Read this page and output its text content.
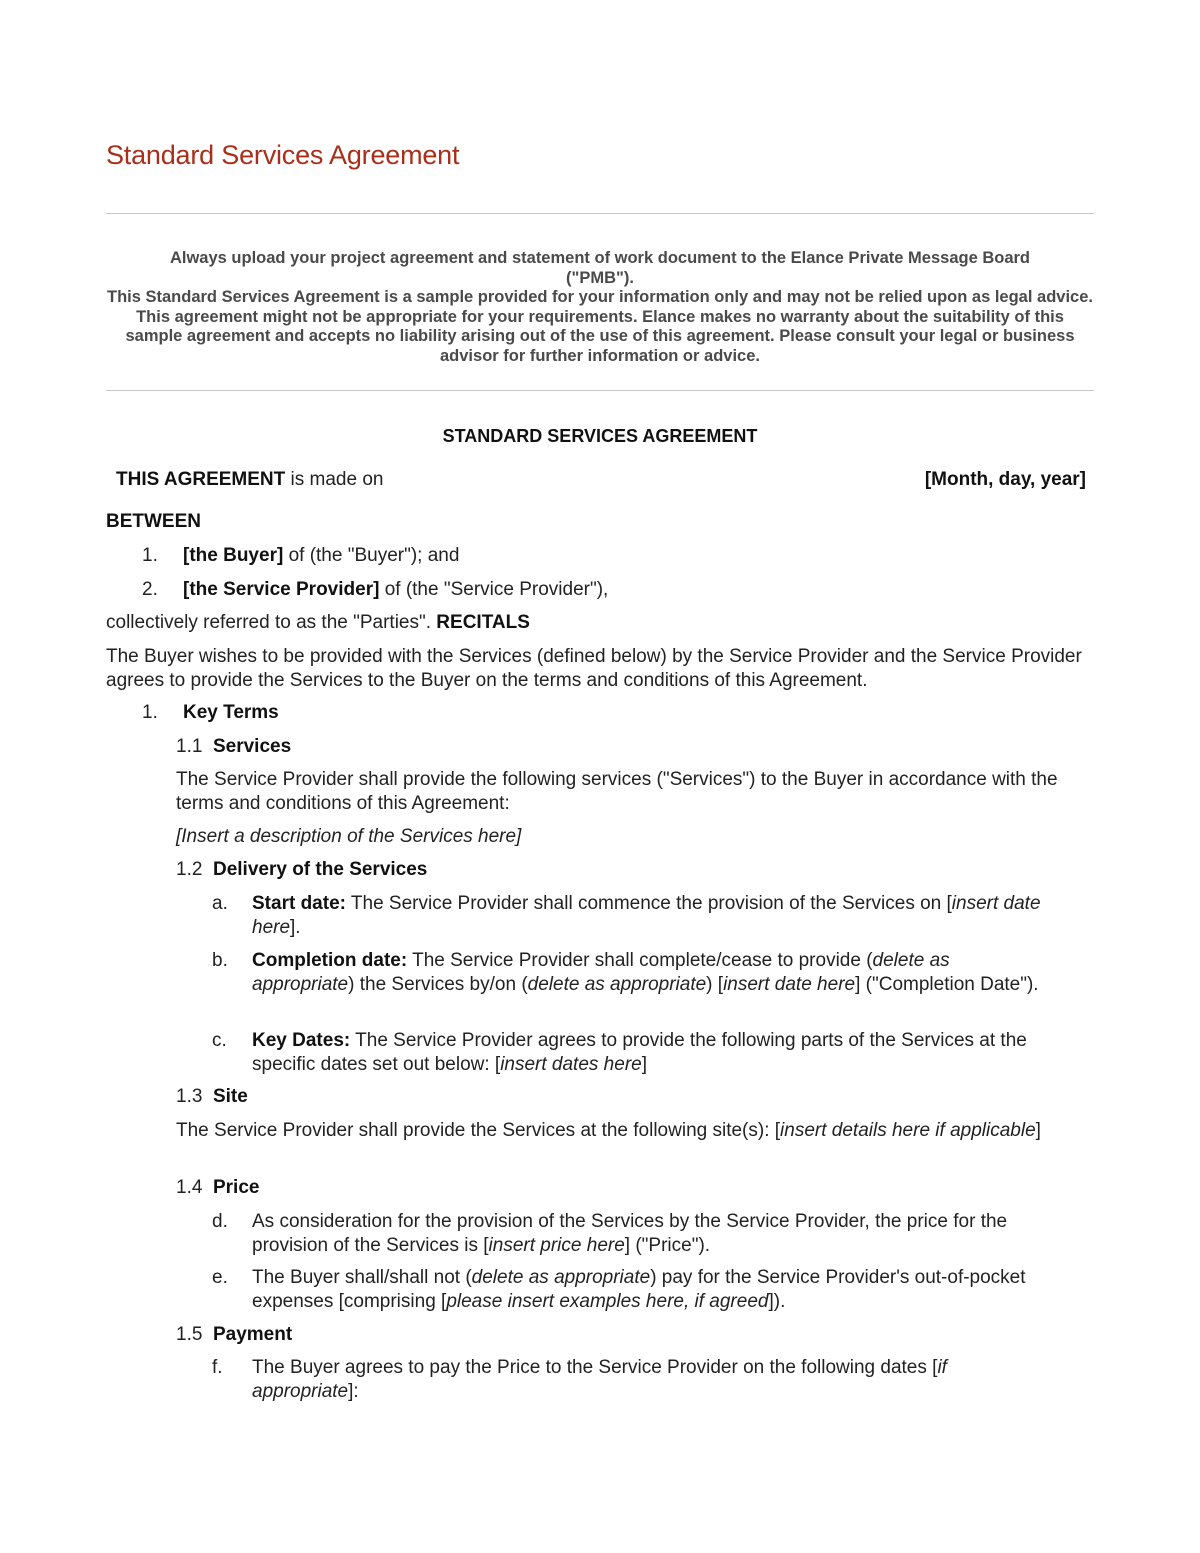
Standard Services Agreement

Always upload your project agreement and statement of work document to the Elance Private Message Board ("PMB").

This Standard Services Agreement is a sample provided for your information only and may not be relied upon as legal advice. This agreement might not be appropriate for your requirements. Elance makes no warranty about the suitability of this sample agreement and accepts no liability arising out of the use of this agreement. Please consult your legal or business advisor for further information or advice.

STANDARD SERVICES AGREEMENT
THIS AGREEMENT is made on	[Month, day, year]
BETWEEN
1. [the Buyer] of (the "Buyer"); and
2. [the Service Provider] of (the "Service Provider"),
collectively referred to as the "Parties". RECITALS
The Buyer wishes to be provided with the Services (defined below) by the Service Provider and the Service Provider agrees to provide the Services to the Buyer on the terms and conditions of this Agreement.
1. Key Terms
1.1 Services
The Service Provider shall provide the following services ("Services") to the Buyer in accordance with the terms and conditions of this Agreement:
[Insert a description of the Services here]
1.2 Delivery of the Services
a. Start date: The Service Provider shall commence the provision of the Services on [insert date here].
b. Completion date: The Service Provider shall complete/cease to provide (delete as appropriate) the Services by/on (delete as appropriate) [insert date here] ("Completion Date").
c. Key Dates: The Service Provider agrees to provide the following parts of the Services at the specific dates set out below: [insert dates here]
1.3 Site
The Service Provider shall provide the Services at the following site(s): [insert details here if applicable]
1.4 Price
d. As consideration for the provision of the Services by the Service Provider, the price for the provision of the Services is [insert price here] ("Price").
e. The Buyer shall/shall not (delete as appropriate) pay for the Service Provider's out-of-pocket expenses [comprising [please insert examples here, if agreed]).
1.5 Payment
f. The Buyer agrees to pay the Price to the Service Provider on the following dates [if appropriate]:
